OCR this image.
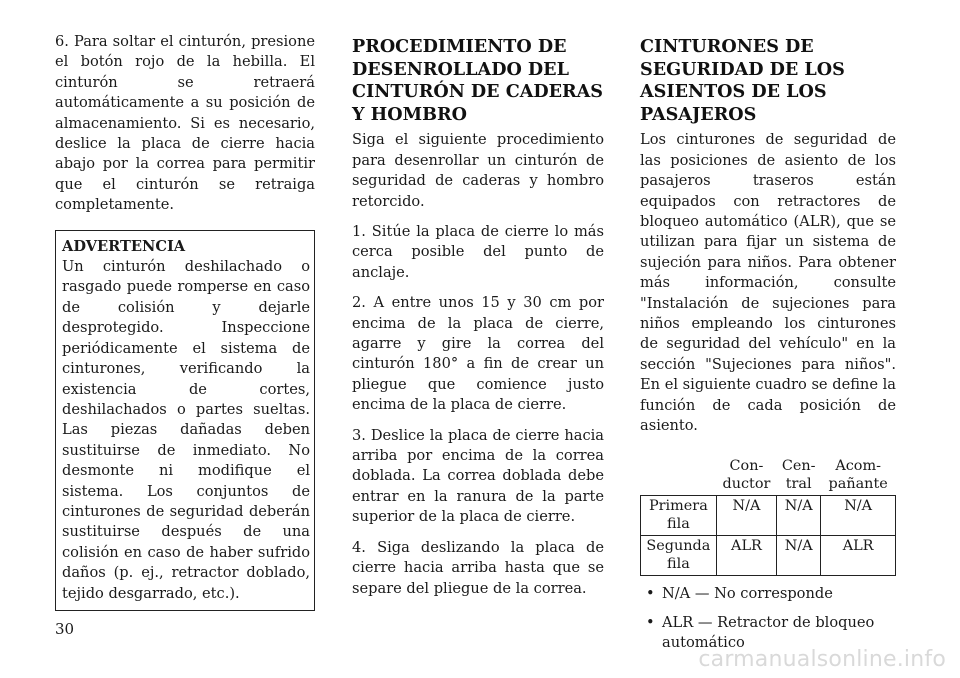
6. Para soltar el cinturón, presione el botón rojo de la hebilla. El cinturón se retraerá automáticamente a su posición de almacenamiento. Si es necesario, deslice la placa de cierre hacia abajo por la correa para permitir que el cinturón se retraiga completamente.

ADVERTENCIA

Un cinturón deshilachado o rasgado puede romperse en caso de colisión y dejarle desprotegido. Inspeccione periódicamente el sistema de cinturones, verificando la existencia de cortes, deshilachados o partes sueltas. Las piezas dañadas deben sustituirse de inmediato. No desmonte ni modifique el sistema. Los conjuntos de cinturones de seguridad deberán sustituirse después de una colisión en caso de haber sufrido daños (p. ej., retractor doblado, tejido desgarrado, etc.).

PROCEDIMIENTO DE DESENROLLADO DEL CINTURÓN DE CADERAS Y HOMBRO

Siga el siguiente procedimiento para desenrollar un cinturón de seguridad de caderas y hombro retorcido.

1. Sitúe la placa de cierre lo más cerca posible del punto de anclaje.

2. A entre unos 15 y 30 cm por encima de la placa de cierre, agarre y gire la correa del cinturón 180° a fin de crear un pliegue que comience justo encima de la placa de cierre.

3. Deslice la placa de cierre hacia arriba por encima de la correa doblada. La correa doblada debe entrar en la ranura de la parte superior de la placa de cierre.

4. Siga deslizando la placa de cierre hacia arriba hasta que se separe del pliegue de la correa.

CINTURONES DE SEGURIDAD DE LOS ASIENTOS DE LOS PASAJEROS

Los cinturones de seguridad de las posiciones de asiento de los pasajeros traseros están equipados con retractores de bloqueo automático (ALR), que se utilizan para fijar un sistema de sujeción para niños. Para obtener más información, consulte "Instalación de sujeciones para niños empleando los cinturones de seguridad del vehículo" en la sección "Sujeciones para niños". En el siguiente cuadro se define la función de cada posición de asiento.

	Con-ductor	Cen-tral	Acom-pañante
Primera fila	N/A	N/A	N/A
Segunda fila	ALR	N/A	ALR
• N/A — No corresponde
• ALR — Retractor de bloqueo automático
30
carmanualsonline.info
